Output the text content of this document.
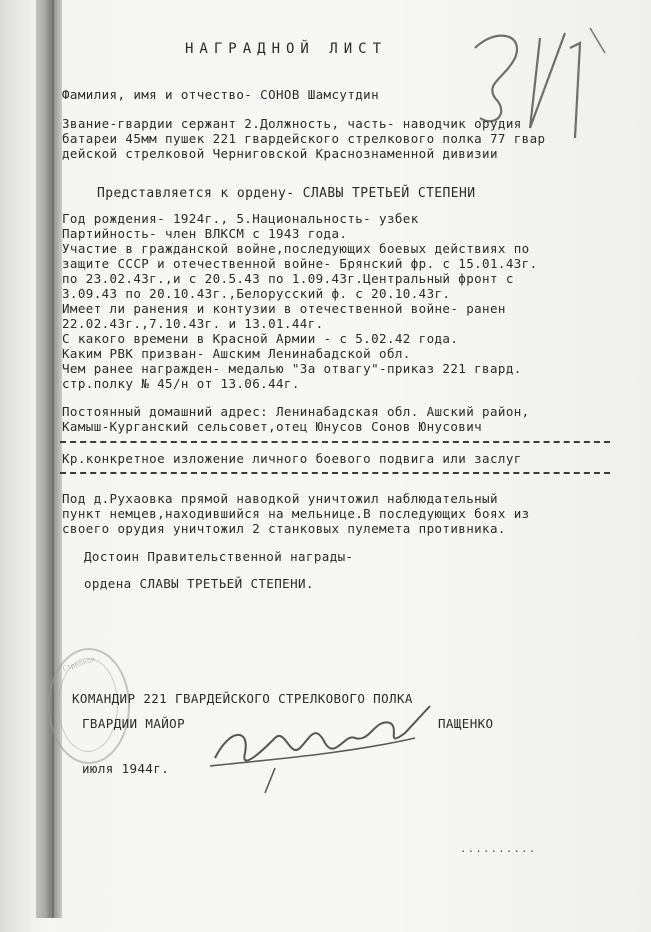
НАГРАДНОЙ ЛИСТ
Фамилия, имя и отчество- СОНОВ Шамсутдин
Звание-гвардии сержант 2.Должность, часть- наводчик орудия
батареи 45мм пушек 221 гвардейского стрелкового полка 77 гвар
дейской стрелковой Черниговской Краснознаменной дивизии
Представляется к ордену- СЛАВЫ ТРЕТЬЕЙ СТЕПЕНИ
Год рождения- 1924г., 5.Национальность- узбек
Партийность- член ВЛКСМ с 1943 года.
Участие в гражданской войне,последующих боевых действиях по
защите СССР и отечественной войне- Брянский фр. с 15.01.43г.
по 23.02.43г.,и с 20.5.43 по 1.09.43г.Центральный фронт с
3.09.43 по 20.10.43г.,Белорусский ф. с 20.10.43г.
Имеет ли ранения и контузии в отечественной войне- ранен
22.02.43г.,7.10.43г. и 13.01.44г.
С какого времени в Красной Армии - с 5.02.42 года.
Каким РВК призван- Ашским Ленинабадской обл.
Чем ранее награжден- медалью "За отвагу"-приказ 221 гвард.
стр.полку № 45/н от 13.06.44г.
Постоянный домашний адрес: Ленинабадская обл. Ашский район,
Камыш-Курганский сельсовет,отец Юнусов Сонов Юнусович
Кр.конкретное изложение личного боевого подвига или заслуг
Под д.Рухаовка прямой наводкой уничтожил наблюдательный
пункт немцев,находившийся на мельнице.В последующих боях из
своего орудия уничтожил 2 станковых пулемета противника.
Достоин Правительственной награды-
ордена СЛАВЫ ТРЕТЬЕЙ СТЕПЕНИ.
Стрелков
КОМАНДИР 221 ГВАРДЕЙСКОГО СТРЕЛКОВОГО ПОЛКА
ГВАРДИИ МАЙОР	ПАЩЕНКО
июля 1944г.
..........
